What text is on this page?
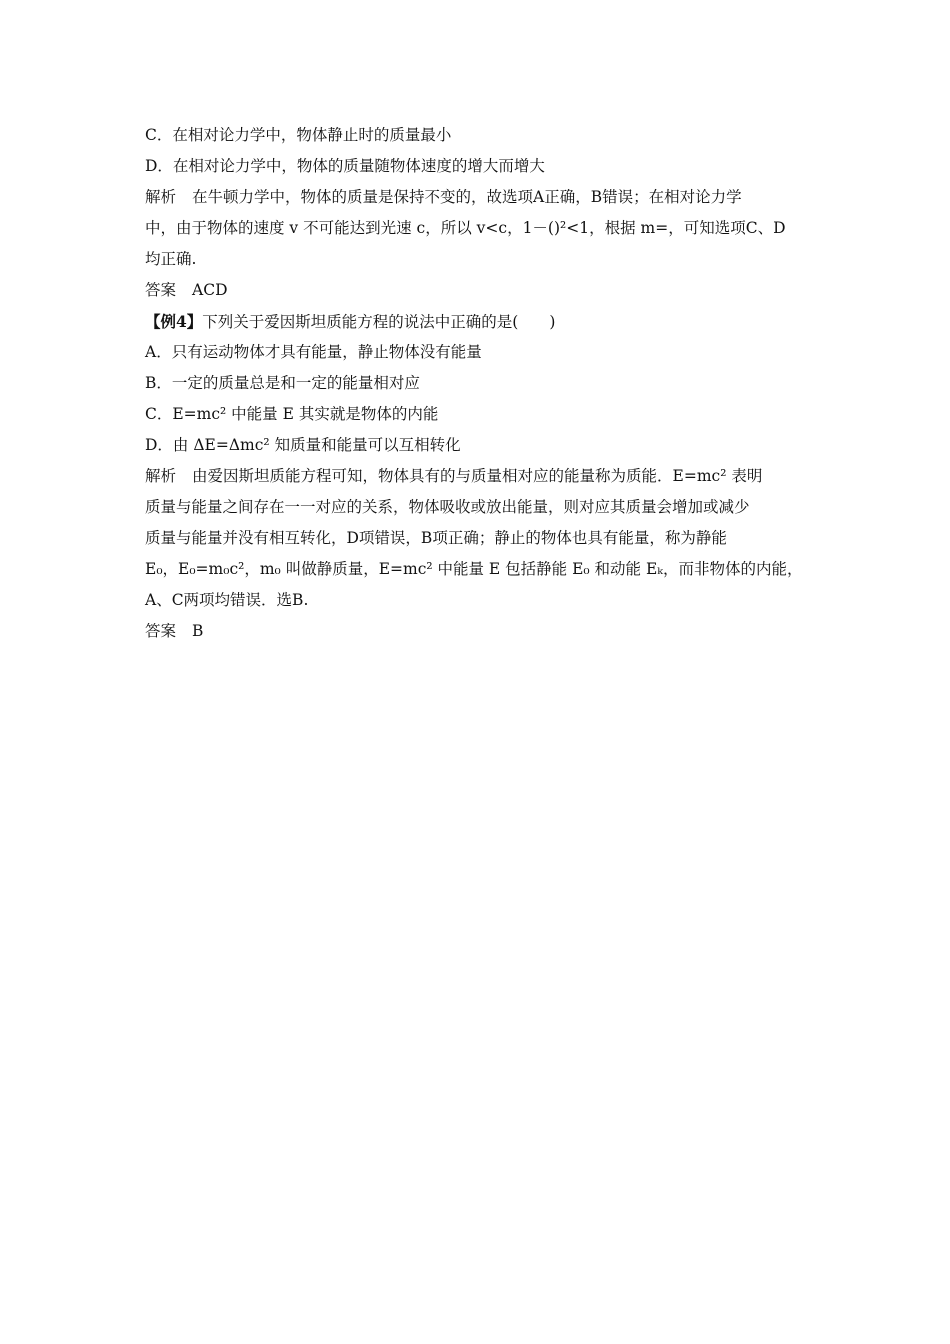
C．在相对论力学中，物体静止时的质量最小
D．在相对论力学中，物体的质量随物体速度的增大而增大
解析 在牛顿力学中，物体的质量是保持不变的，故选项A正确，B错误；在相对论力学
中，由于物体的速度 v 不可能达到光速 c，所以 v<c，1－()²<1，根据 m=，可知选项C、D
均正确.
答案 ACD
【例4】下列关于爱因斯坦质能方程的说法中正确的是(　　)
A．只有运动物体才具有能量，静止物体没有能量
B．一定的质量总是和一定的能量相对应
C．E=mc² 中能量 E 其实就是物体的内能
D．由 ΔE=Δmc² 知质量和能量可以互相转化
解析 由爱因斯坦质能方程可知，物体具有的与质量相对应的能量称为质能．E=mc² 表明
质量与能量之间存在一一对应的关系，物体吸收或放出能量，则对应其质量会增加或减少
质量与能量并没有相互转化，D项错误，B项正确；静止的物体也具有能量，称为静能
E₀，E₀=m₀c²，m₀ 叫做静质量，E=mc² 中能量 E 包括静能 E₀ 和动能 Eₖ，而非物体的内能，
A、C两项均错误．选B.
答案 B
